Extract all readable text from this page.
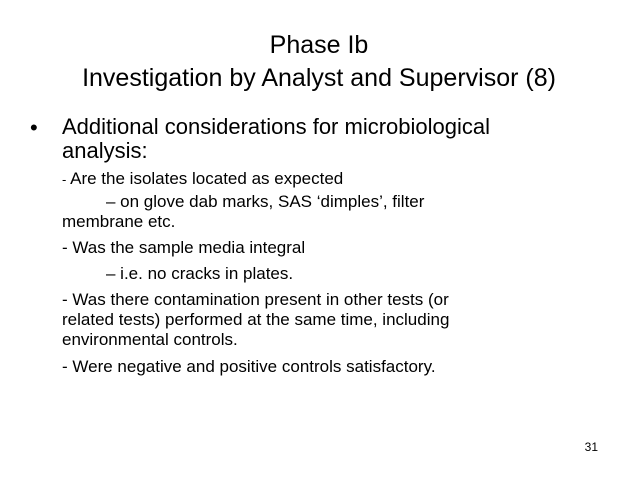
Phase Ib
Investigation by Analyst and Supervisor (8)
• Additional considerations for microbiological
analysis:
- Are the isolates located as expected
– on glove dab marks, SAS ‘dimples’, filter
membrane etc.
- Was the sample media integral
– i.e. no cracks in plates.
- Was there contamination present in other tests (or
related tests) performed at the same time, including
environmental controls.
- Were negative and positive controls satisfactory.
31
